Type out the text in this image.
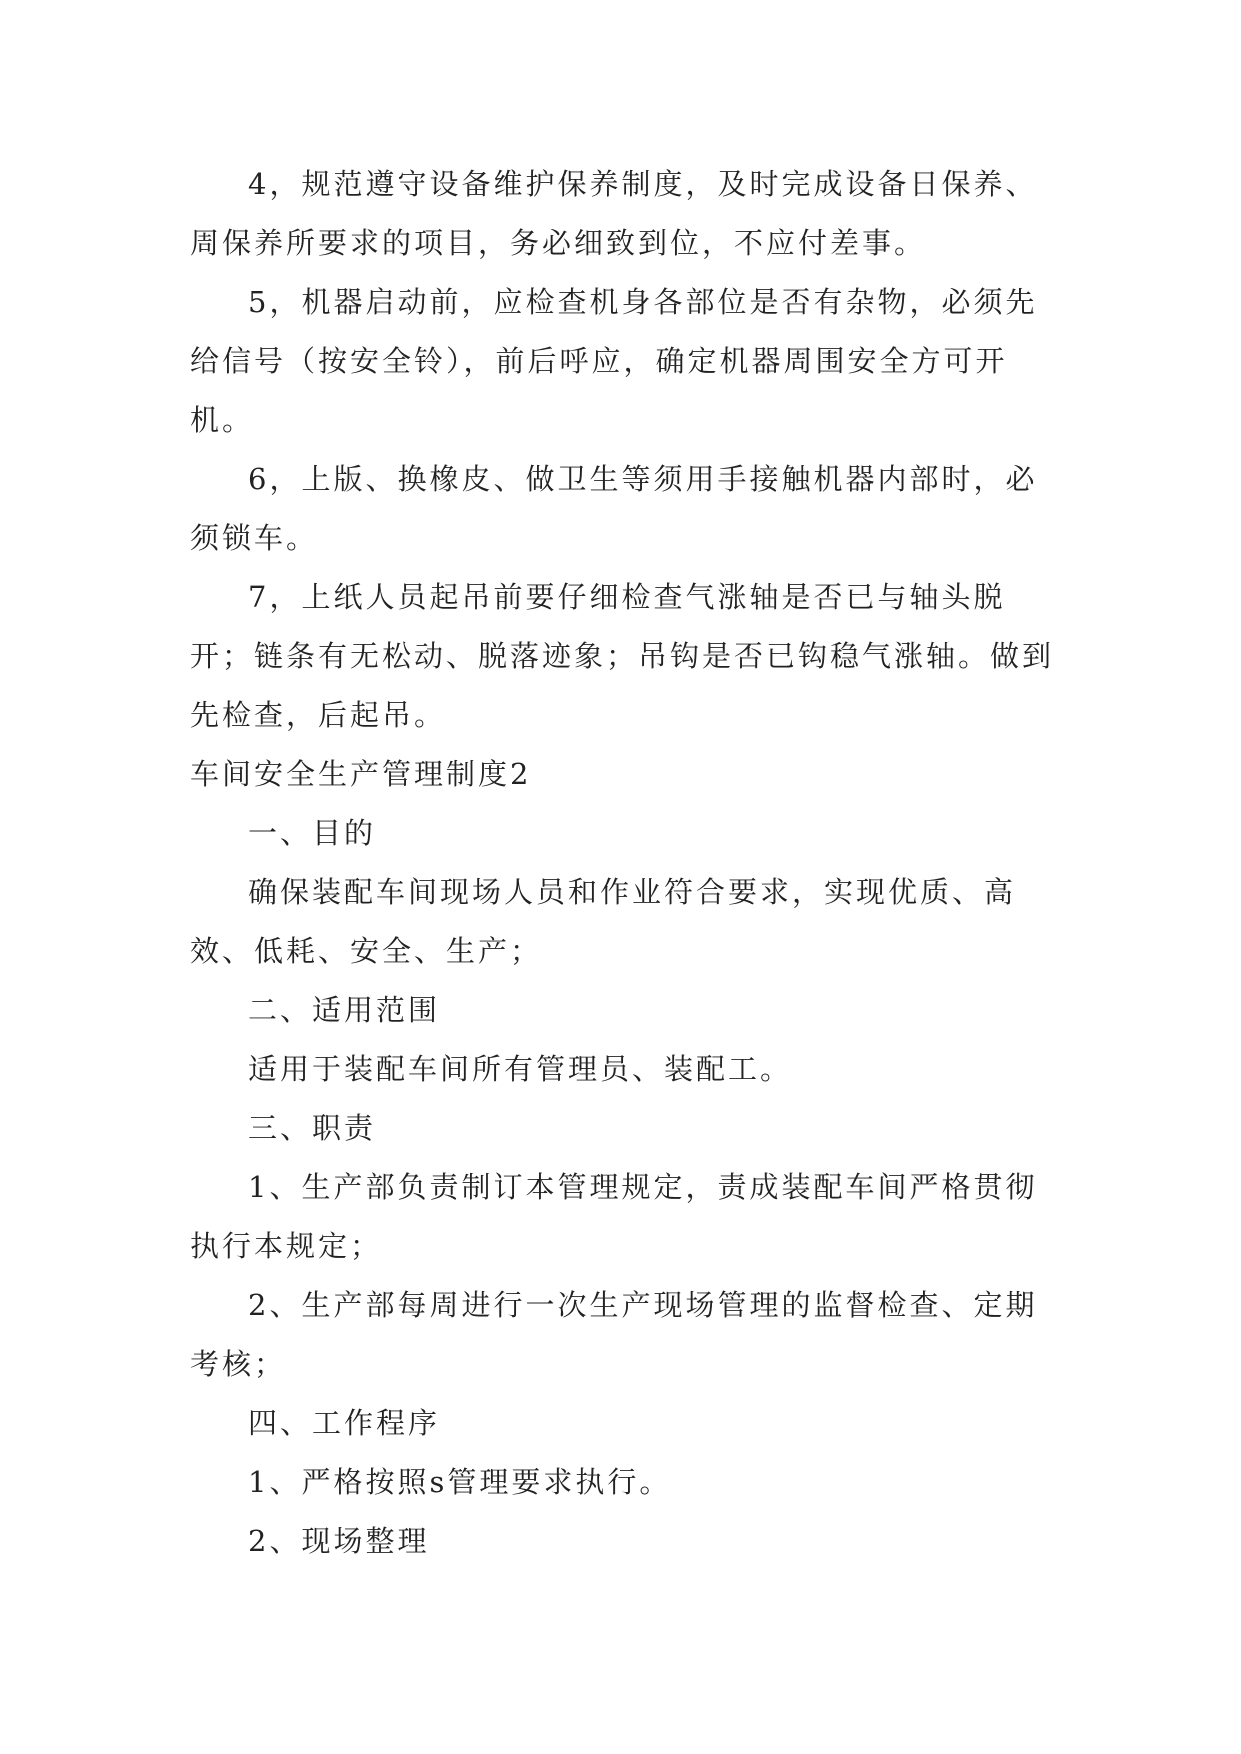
4，规范遵守设备维护保养制度，及时完成设备日保养、周保养所要求的项目，务必细致到位，不应付差事。

5，机器启动前，应检查机身各部位是否有杂物，必须先给信号（按安全铃），前后呼应，确定机器周围安全方可开机。

6，上版、换橡皮、做卫生等须用手接触机器内部时，必须锁车。

7，上纸人员起吊前要仔细检查气涨轴是否已与轴头脱开；链条有无松动、脱落迹象；吊钩是否已钩稳气涨轴。做到先检查，后起吊。

车间安全生产管理制度2

一、目的

确保装配车间现场人员和作业符合要求，实现优质、高效、低耗、安全、生产；

二、适用范围

适用于装配车间所有管理员、装配工。

三、职责

1、生产部负责制订本管理规定，责成装配车间严格贯彻执行本规定；

2、生产部每周进行一次生产现场管理的监督检查、定期考核；

四、工作程序

1、严格按照s管理要求执行。

2、现场整理
